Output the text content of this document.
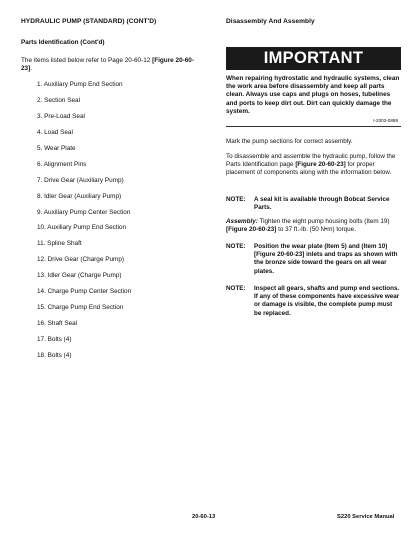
HYDRAULIC PUMP (STANDARD) (CONT'D)
Parts Identification (Cont'd)
The items listed below refer to Page 20-60-12 [Figure 20-60-23].
1. Auxiliary Pump End Section
2. Section Seal
3. Pre-Load Seal
4. Load Seal
5. Wear Plate
6. Alignment Pins
7. Drive Gear (Auxiliary Pump)
8. Idler Gear (Auxiliary Pump)
9. Auxiliary Pump Center Section
10. Auxiliary Pump End Section
11. Spline Shaft
12. Drive Gear (Charge Pump)
13. Idler Gear (Charge Pump)
14. Charge Pump Center Section
15. Charge Pump End Section
16. Shaft Seal
17. Bolts (4)
18. Bolts (4)
Disassembly And Assembly
IMPORTANT
When repairing hydrostatic and hydraulic systems, clean the work area before disassembly and keep all parts clean. Always use caps and plugs on hoses, tubelines and ports to keep dirt out. Dirt can quickly damage the system.
I-2003-0888
Mark the pump sections for correct assembly.
To disassemble and assemble the hydraulic pump, follow the Parts Identification page [Figure 20-60-23] for proper placement of components along with the information below.
NOTE: A seal kit is available through Bobcat Service Parts.
Assembly: Tighten the eight pump housing bolts (Item 19) [Figure 20-60-23] to 37 ft.-lb. (50 N•m) torque.
NOTE: Position the wear plate (Item 5) and (Item 10) [Figure 20-60-23] inlets and traps as shown with the bronze side toward the gears on all wear plates.
NOTE: Inspect all gears, shafts and pump end sections. If any of these components have excessive wear or damage is visible, the complete pump must be replaced.
20-60-13	S220 Service Manual
